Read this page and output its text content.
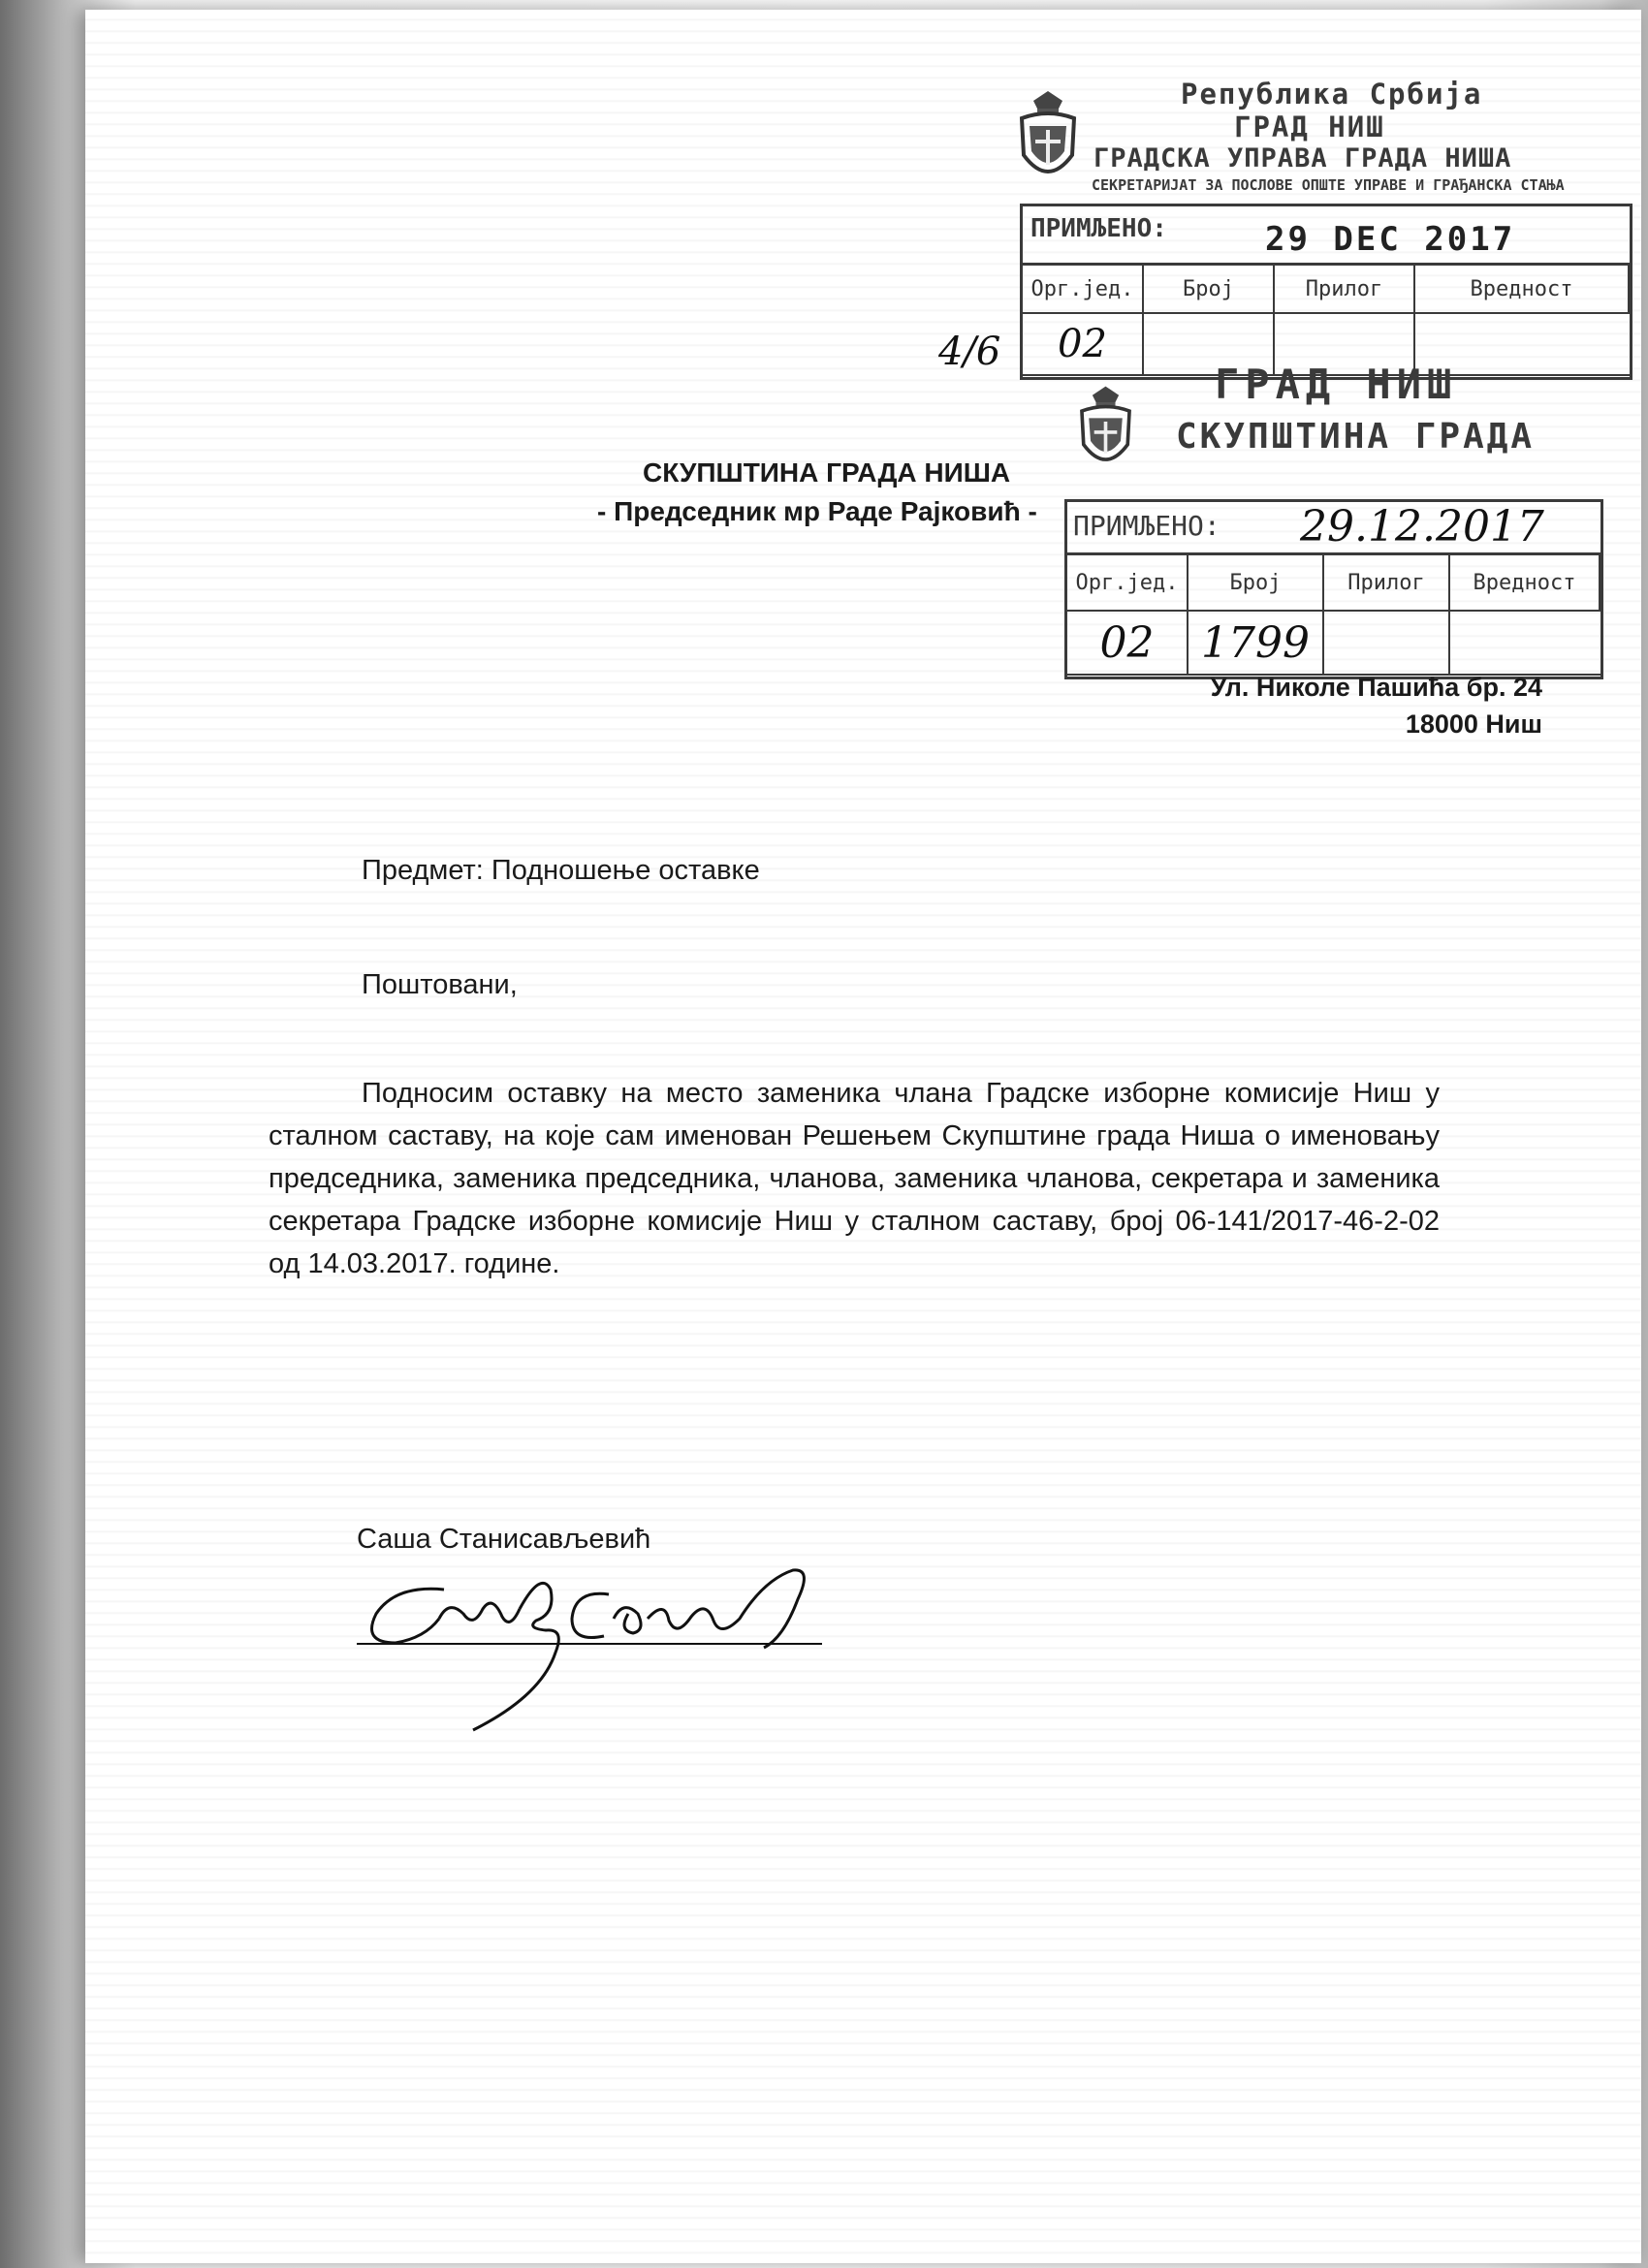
Република Србија
ГРАД НИШ
ГРАДСКА УПРАВА ГРАДА НИША
СЕКРЕТАРИЈАТ ЗА ПОСЛОВЕ ОПШТЕ УПРАВЕ И ГРАЂАНСКА СТАЊА
ПРИМЉЕНО:	29 DEC 2017
Орг.јед.	Број	Прилог	Вредност
02
4/6
ГРАД НИШ
СКУПШТИНА ГРАДА
ПРИМЉЕНО: 29.12.2017
Орг.јед.	Број	Прилог	Вредност
02	1799
СКУПШТИНА ГРАДА НИША
- Председник мр Раде Рајковић -
Ул. Николе Пашића бр. 24
18000 Ниш
Предмет: Подношење оставке
Поштовани,
Подносим оставку на место заменика члана Градске изборне комисије Ниш у сталном саставу, на које сам именован Решењем Скупштине града Ниша о именовању председника, заменика председника, чланова, заменика чланова, секретара и заменика секретара Градске изборне комисије Ниш у сталном саставу, број 06-141/2017-46-2-02 од 14.03.2017. године.
Саша Станисављевић
